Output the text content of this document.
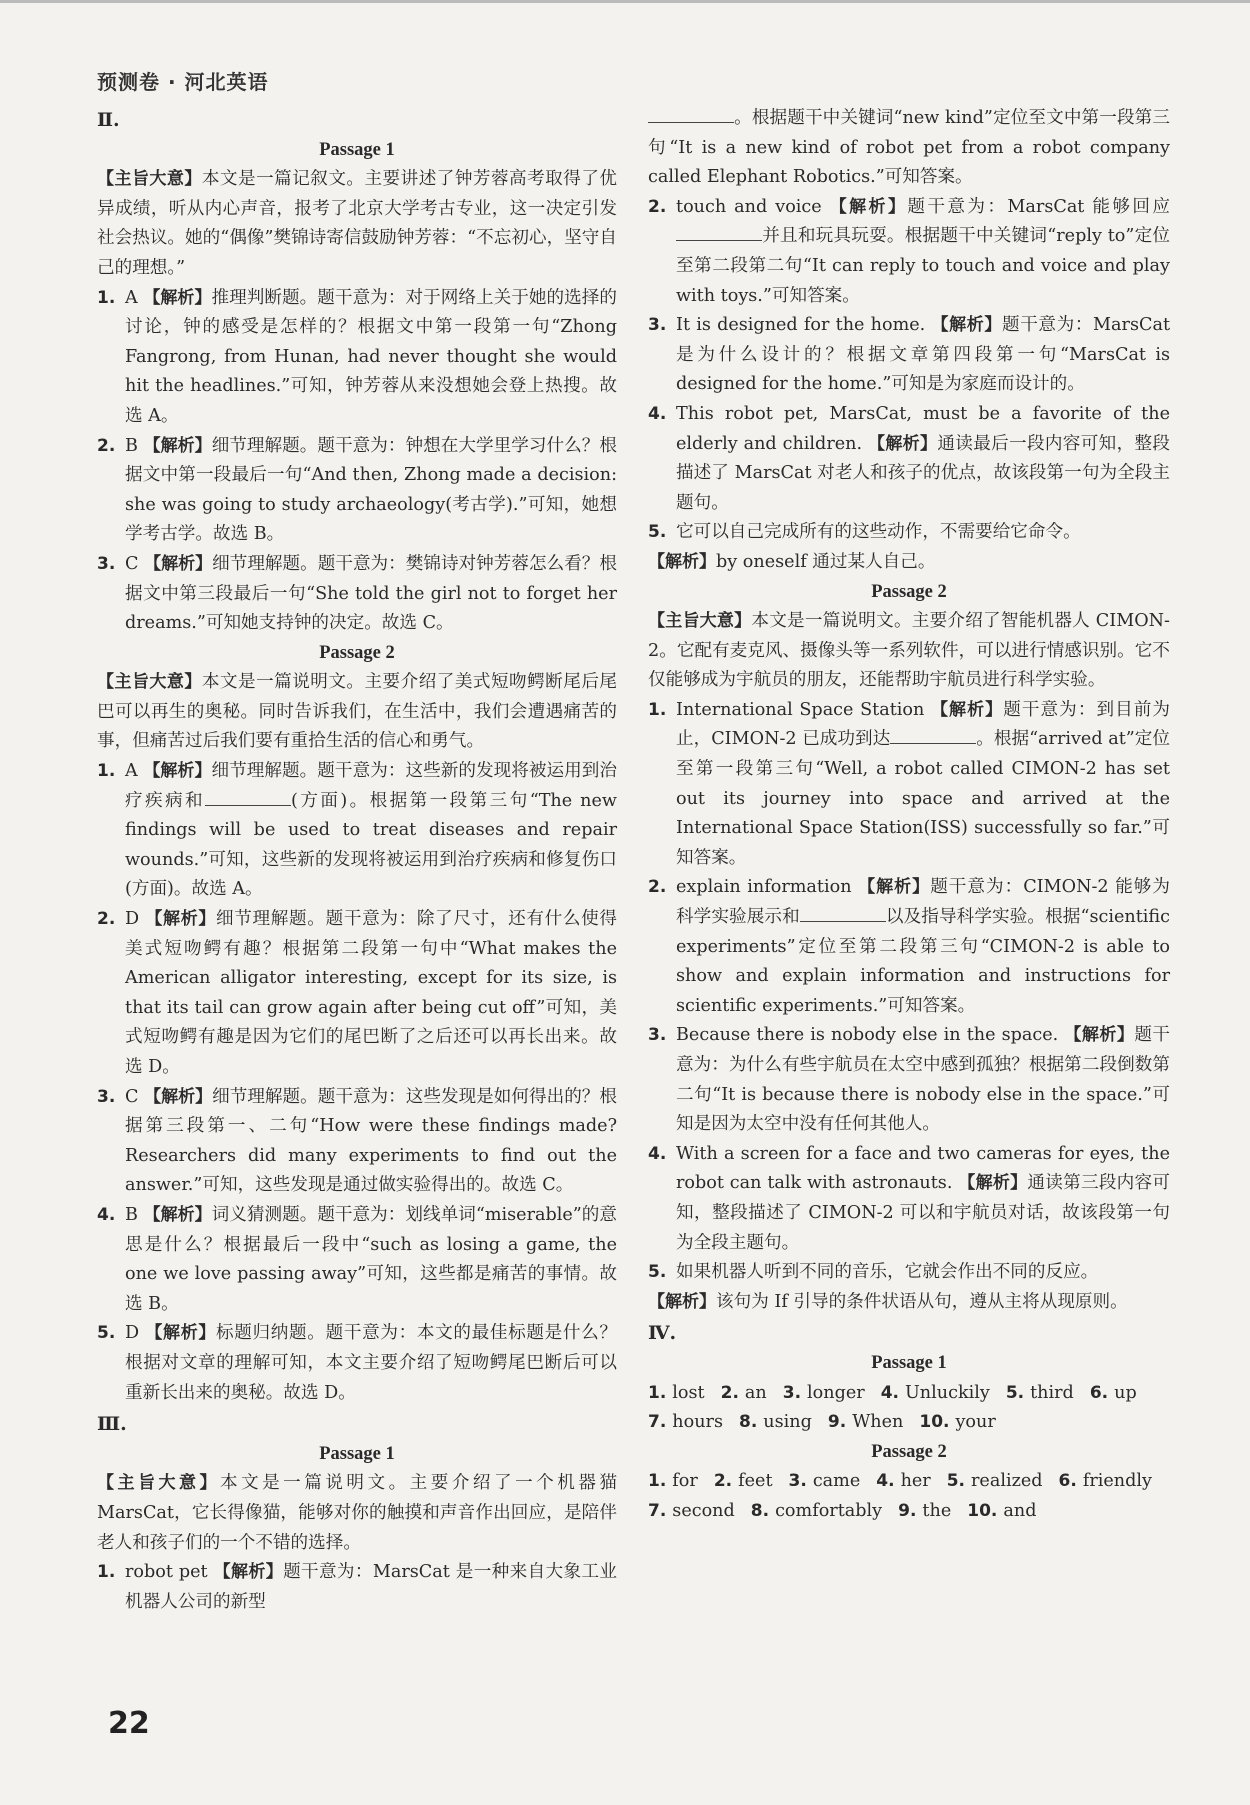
预测卷 · 河北英语
Ⅱ.
Passage 1
【主旨大意】本文是一篇记叙文。主要讲述了钟芳蓉高考取得了优异成绩，听从内心声音，报考了北京大学考古专业，这一决定引发社会热议。她的“偶像”樊锦诗寄信鼓励钟芳蓉：“不忘初心，坚守自己的理想。”
1. A 【解析】推理判断题。题干意为：对于网络上关于她的选择的讨论，钟的感受是怎样的？根据文中第一段第一句“Zhong Fangrong, from Hunan, had never thought she would hit the headlines.”可知，钟芳蓉从来没想她会登上热搜。故选 A。
2. B 【解析】细节理解题。题干意为：钟想在大学里学习什么？根据文中第一段最后一句“And then, Zhong made a decision: she was going to study archaeology(考古学).”可知，她想学考古学。故选 B。
3. C 【解析】细节理解题。题干意为：樊锦诗对钟芳蓉怎么看？根据文中第三段最后一句“She told the girl not to forget her dreams.”可知她支持钟的决定。故选 C。
Passage 2
【主旨大意】本文是一篇说明文。主要介绍了美式短吻鳄断尾后尾巴可以再生的奥秘。同时告诉我们，在生活中，我们会遭遇痛苦的事，但痛苦过后我们要有重拾生活的信心和勇气。
1. A 【解析】细节理解题。题干意为：这些新的发现将被运用到治疗疾病和	(方面)。根据第一段第三句“The new findings will be used to treat diseases and repair wounds.”可知，这些新的发现将被运用到治疗疾病和修复伤口(方面)。故选 A。
2. D 【解析】细节理解题。题干意为：除了尺寸，还有什么使得美式短吻鳄有趣？根据第二段第一句中“What makes the American alligator interesting, except for its size, is that its tail can grow again after being cut off”可知，美式短吻鳄有趣是因为它们的尾巴断了之后还可以再长出来。故选 D。
3. C 【解析】细节理解题。题干意为：这些发现是如何得出的？根据第三段第一、二句“How were these findings made? Researchers did many experiments to find out the answer.”可知，这些发现是通过做实验得出的。故选 C。
4. B 【解析】词义猜测题。题干意为：划线单词“miserable”的意思是什么？根据最后一段中“such as losing a game, the one we love passing away”可知，这些都是痛苦的事情。故选 B。
5. D 【解析】标题归纳题。题干意为：本文的最佳标题是什么？根据对文章的理解可知，本文主要介绍了短吻鳄尾巴断后可以重新长出来的奥秘。故选 D。
Ⅲ.
Passage 1
【主旨大意】本文是一篇说明文。主要介绍了一个机器猫 MarsCat，它长得像猫，能够对你的触摸和声音作出回应，是陪伴老人和孩子们的一个不错的选择。
1. robot pet 【解析】题干意为：MarsCat 是一种来自大象工业机器人公司的新型
。根据题干中关键词“new kind”定位至文中第一段第三句“It is a new kind of robot pet from a robot company called Elephant Robotics.”可知答案。
2. touch and voice 【解析】题干意为：MarsCat 能够回应并且和玩具玩耍。根据题干中关键词“reply to”定位至第二段第二句“It can reply to touch and voice and play with toys.”可知答案。
3. It is designed for the home. 【解析】题干意为：MarsCat 是为什么设计的？根据文章第四段第一句“MarsCat is designed for the home.”可知是为家庭而设计的。
4. This robot pet, MarsCat, must be a favorite of the elderly and children. 【解析】通读最后一段内容可知，整段描述了 MarsCat 对老人和孩子的优点，故该段第一句为全段主题句。
5. 它可以自己完成所有的这些动作，不需要给它命令。
【解析】by oneself 通过某人自己。
Passage 2
【主旨大意】本文是一篇说明文。主要介绍了智能机器人 CIMON-2。它配有麦克风、摄像头等一系列软件，可以进行情感识别。它不仅能够成为宇航员的朋友，还能帮助宇航员进行科学实验。
1. International Space Station 【解析】题干意为：到目前为止，CIMON-2 已成功到达	。根据“arrived at”定位至第一段第三句“Well, a robot called CIMON-2 has set out its journey into space and arrived at the International Space Station(ISS) successfully so far.”可知答案。
2. explain information 【解析】题干意为：CIMON-2 能够为科学实验展示和	以及指导科学实验。根据“scientific experiments”定位至第二段第三句“CIMON-2 is able to show and explain information and instructions for scientific experiments.”可知答案。
3. Because there is nobody else in the space. 【解析】题干意为：为什么有些宇航员在太空中感到孤独？根据第二段倒数第二句“It is because there is nobody else in the space.”可知是因为太空中没有任何其他人。
4. With a screen for a face and two cameras for eyes, the robot can talk with astronauts. 【解析】通读第三段内容可知，整段描述了 CIMON-2 可以和宇航员对话，故该段第一句为全段主题句。
5. 如果机器人听到不同的音乐，它就会作出不同的反应。
【解析】该句为 If 引导的条件状语从句，遵从主将从现原则。
Ⅳ.
Passage 1
1. lost 2. an 3. longer 4. Unluckily 5. third 6. up
7. hours 8. using 9. When 10. your
Passage 2
1. for 2. feet 3. came 4. her 5. realized 6. friendly
7. second 8. comfortably 9. the 10. and
22
